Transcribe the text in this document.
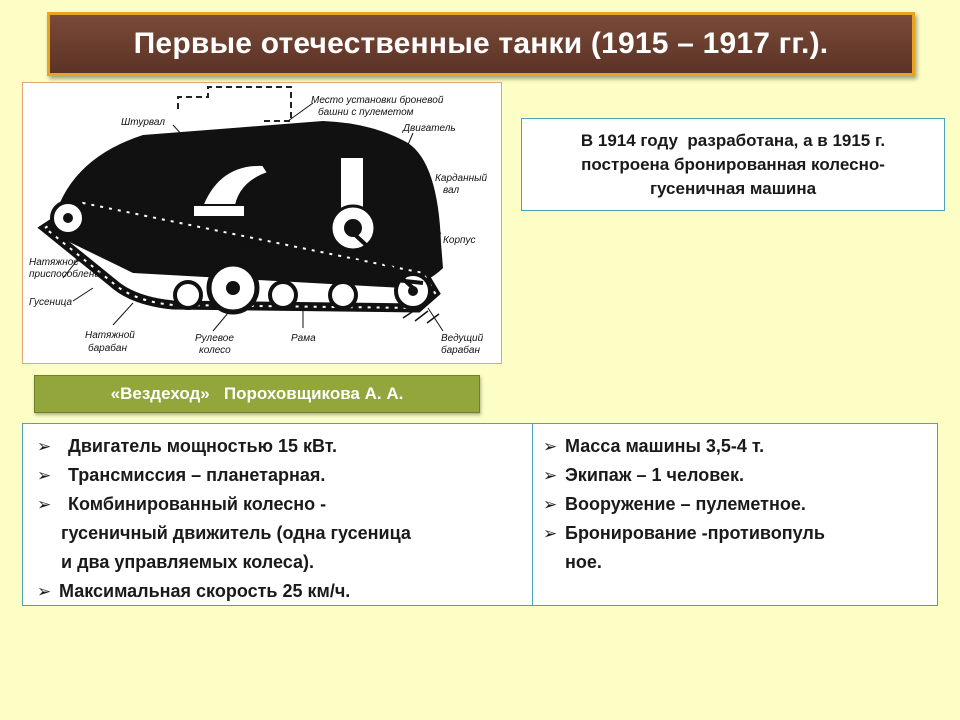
Первые отечественные танки (1915 – 1917 гг.).
Место установки броневой
башни с пулеметом
Штурвал
Двигатель
Карданный
вал
Корпус
Натяжное
приспособление
Гусеница
Натяжной
барабан
Рулевое
колесо
Рама	Ведущий
барабан
В 1914 году  разработана, а в 1915 г.
построена бронированная колесно-
гусеничная машина
«Вездеход»   Пороховщикова А. А.
➢ Двигатель мощностью 15 кВт.
➢ Трансмиссия – планетарная.
➢ Комбинированный колесно -
гусеничный движитель (одна гусеница
и два управляемых колеса).
➢ Максимальная скорость 25 км/ч.
➢ Масса машины 3,5-4 т.
➢ Экипаж – 1 человек.
➢ Вооружение – пулеметное.
➢ Бронирование -противопуль
ное.
